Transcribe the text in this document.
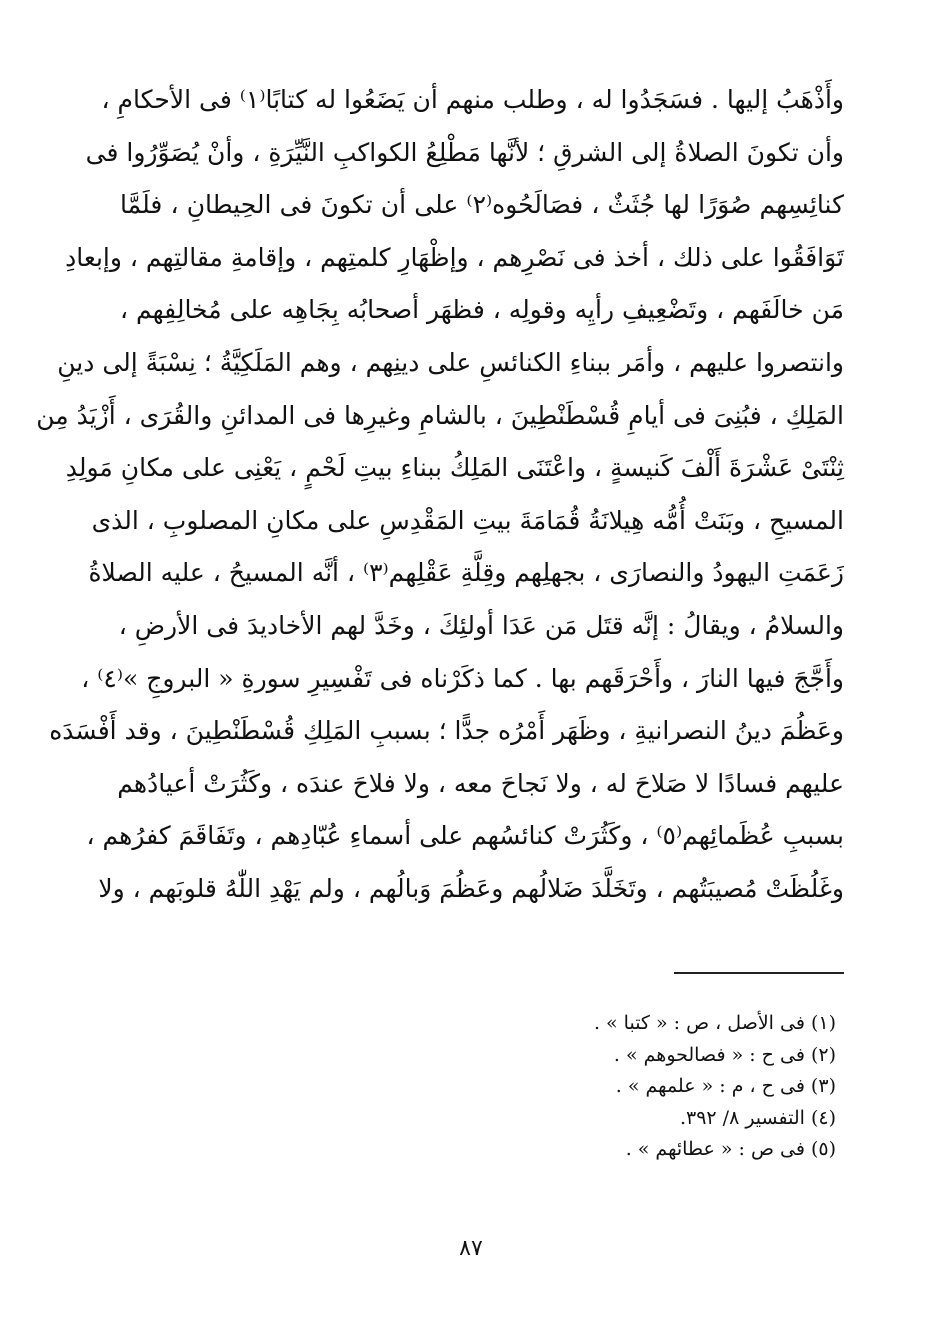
وأَذْهَبُ إليها . فسَجَدُوا له ، وطلب منهم أن يَضَعُوا له كتابًا⁽١⁾ فى الأحكامِ ،
وأن تكونَ الصلاةُ إلى الشرقِ ؛ لأنَّها مَطْلِعُ الكواكبِ النَّيِّرَةِ ، وأنْ يُصَوِّرُوا فى
كنائِسِهم صُوَرًا لها جُثَثٌ ، فصَالَحُوه⁽٢⁾ على أن تكونَ فى الحِيطانِ ، فلَمَّا
تَوَافَقُوا على ذلك ، أخذ فى نَصْرِهم ، وإظْهَارِ كلمتِهم ، وإقامةِ مقالتِهم ، وإبعادِ
مَن خالَفَهم ، وتَضْعِيفِ رأيِه وقولِه ، فظهَر أصحابُه بِجَاهِه على مُخالِفِهم ،
وانتصروا عليهم ، وأمَر ببناءِ الكنائسِ على دينِهم ، وهم المَلَكِيَّةُ ؛ نِسْبَةً إلى دينِ
المَلِكِ ، فبُنِىَ فى أيامِ قُسْطَنْطِينَ ، بالشامِ وغيرِها فى المدائنِ والقُرَى ، أَزْيَدُ مِن
ثِنْتَىْ عَشْرَةَ أَلْفَ كَنيسةٍ ، واعْتَنَى المَلِكُ ببناءِ بيتِ لَحْمٍ ، يَعْنِى على مكانِ مَولِدِ
المسيحِ ، وبَنَتْ أُمُّه هِيلانَةُ قُمَامَةَ بيتِ المَقْدِسِ على مكانِ المصلوبِ ، الذى
زَعَمَتِ اليهودُ والنصارَى ، بجهلِهم وقِلَّةِ عَقْلِهم⁽٣⁾ ، أنَّه المسيحُ ، عليه الصلاةُ
والسلامُ ، ويقالُ : إنَّه قتَل مَن عَدَا أولئِكَ ، وخَدَّ لهم الأخاديدَ فى الأرضِ ،
وأَجَّجَ فيها النارَ ، وأَحْرَقَهم بها . كما ذكَرْناه فى تَفْسِيرِ سورةِ « البروجِ »⁽٤⁾ ،
وعَظُمَ دينُ النصرانيةِ ، وظَهَر أَمْرُه جدًّا ؛ بسببِ المَلِكِ قُسْطَنْطِينَ ، وقد أَفْسَدَه
عليهم فسادًا لا صَلاحَ له ، ولا نَجاحَ معه ، ولا فلاحَ عندَه ، وكَثُرَتْ أعيادُهم
بسببِ عُظَمائِهم⁽٥⁾ ، وكَثُرَتْ كنائسُهم على أسماءِ عُبّادِهم ، وتَفَاقَمَ كفرُهم ،
وغَلُظَتْ مُصيبَتُهم ، وتَخَلَّدَ ضَلالُهم وعَظُمَ وَبالُهم ، ولم يَهْدِ اللّٰهُ قلوبَهم ، ولا
(١) فى الأصل ، ص : « كتبا » .
(٢) فى ح : « فصالحوهم » .
(٣) فى ح ، م : « علمهم » .
(٤) التفسير ٨/ ٣٩٢.
(٥) فى ص : « عطائهم » .
٨٧
